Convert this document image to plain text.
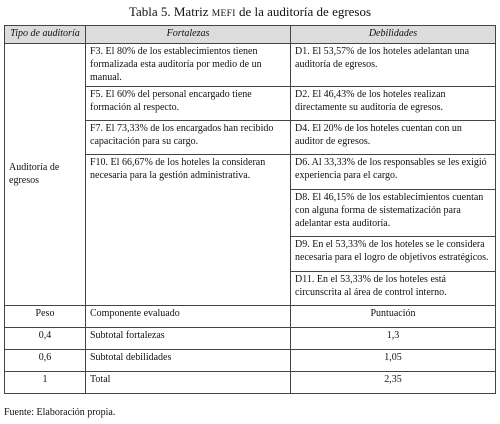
Tabla 5. Matriz MEFI de la auditoría de egresos
Tipo de auditoría	Fortalezas	Debilidades
Auditoría de egresos	F3. El 80% de los establecimientos tienen formalizada esta auditoría por medio de un manual.	D1. El 53,57% de los hoteles adelantan una auditoría de egresos.
	F5. El 60% del personal encargado tiene formación al respecto.	D2. El 46,43% de los hoteles realizan directamente su auditoría de egresos.
	F7. El 73,33% de los encargados han recibido capacitación para su cargo.	D4. El 20% de los hoteles cuentan con un auditor de egresos.
	F10. El 66,67% de los hoteles la consideran necesaria para la gestión administrativa.	D6. Al 33,33% de los responsables se les exigió experiencia para el cargo.
		D8. El 46,15% de los establecimientos cuentan con alguna forma de sistematización para adelantar esta auditoría.
		D9. En el 53,33% de los hoteles se le considera necesaria para el logro de objetivos estratégicos.
		D11. En el 53,33% de los hoteles está circunscrita al área de control interno.
Peso	Componente evaluado	Puntuación
0,4	Subtotal fortalezas	1,3
0,6	Subtotal debilidades	1,05
1	Total	2,35
Fuente: Elaboración propia.
